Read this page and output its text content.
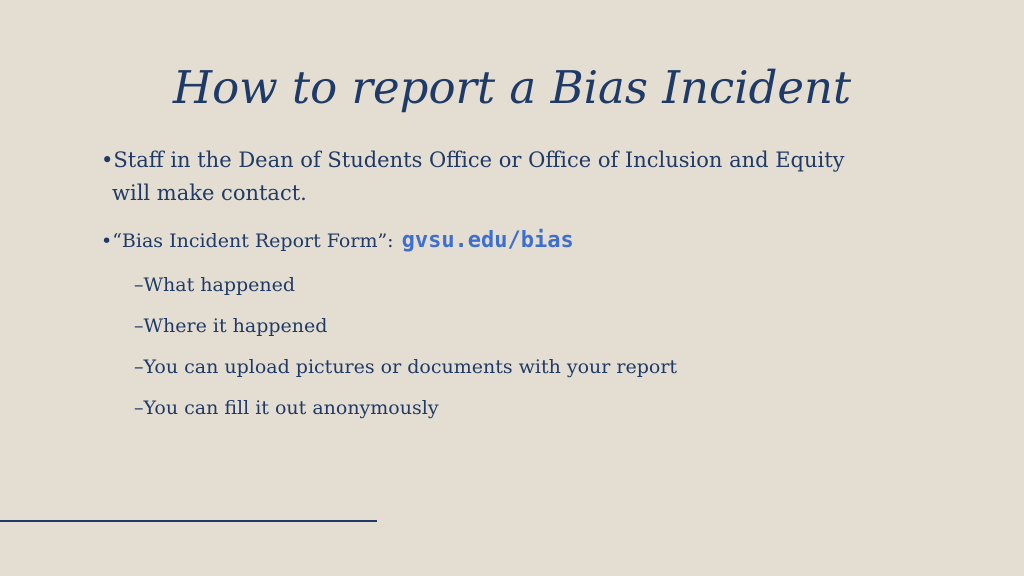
How to report a Bias Incident
•Staff in the Dean of Students Office or Office of Inclusion and Equity
will make contact.
•“Bias Incident Report Form”: gvsu.edu/bias
–What happened
–Where it happened
–You can upload pictures or documents with your report
–You can fill it out anonymously
